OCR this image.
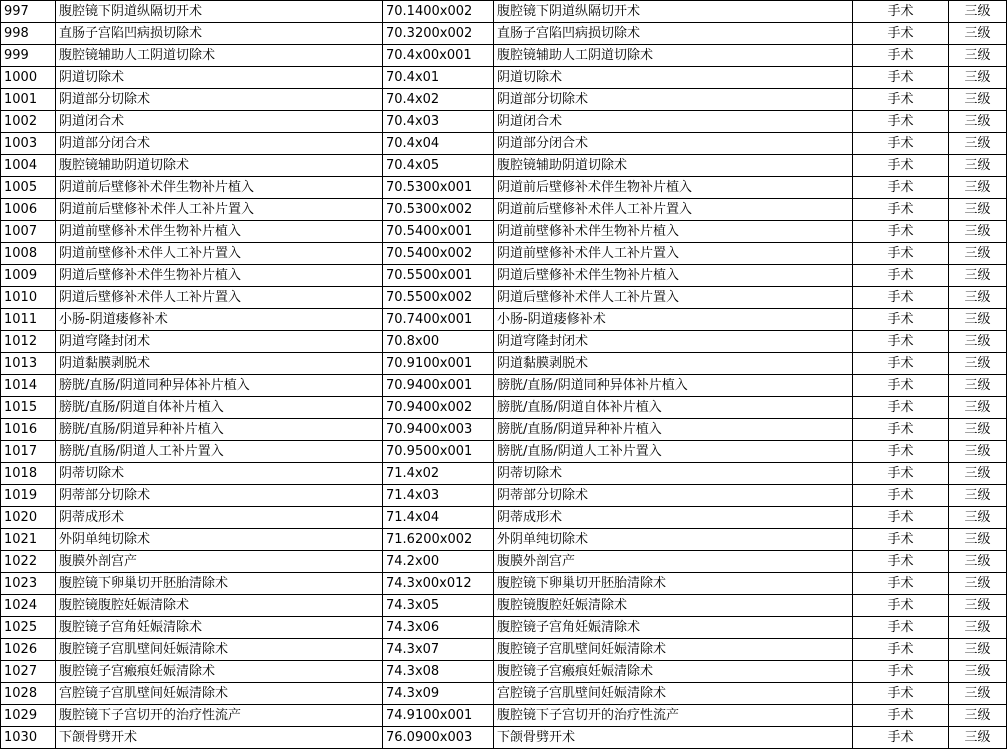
997	腹腔镜下阴道纵隔切开术	70.1400x002	腹腔镜下阴道纵隔切开术	手术	三级
998	直肠子宫陷凹病损切除术	70.3200x002	直肠子宫陷凹病损切除术	手术	三级
999	腹腔镜辅助人工阴道切除术	70.4x00x001	腹腔镜辅助人工阴道切除术	手术	三级
1000	阴道切除术	70.4x01	阴道切除术	手术	三级
1001	阴道部分切除术	70.4x02	阴道部分切除术	手术	三级
1002	阴道闭合术	70.4x03	阴道闭合术	手术	三级
1003	阴道部分闭合术	70.4x04	阴道部分闭合术	手术	三级
1004	腹腔镜辅助阴道切除术	70.4x05	腹腔镜辅助阴道切除术	手术	三级
1005	阴道前后壁修补术伴生物补片植入	70.5300x001	阴道前后壁修补术伴生物补片植入	手术	三级
1006	阴道前后壁修补术伴人工补片置入	70.5300x002	阴道前后壁修补术伴人工补片置入	手术	三级
1007	阴道前壁修补术伴生物补片植入	70.5400x001	阴道前壁修补术伴生物补片植入	手术	三级
1008	阴道前壁修补术伴人工补片置入	70.5400x002	阴道前壁修补术伴人工补片置入	手术	三级
1009	阴道后壁修补术伴生物补片植入	70.5500x001	阴道后壁修补术伴生物补片植入	手术	三级
1010	阴道后壁修补术伴人工补片置入	70.5500x002	阴道后壁修补术伴人工补片置入	手术	三级
1011	小肠-阴道瘘修补术	70.7400x001	小肠-阴道瘘修补术	手术	三级
1012	阴道穹隆封闭术	70.8x00	阴道穹隆封闭术	手术	三级
1013	阴道黏膜剥脱术	70.9100x001	阴道黏膜剥脱术	手术	三级
1014	膀胱/直肠/阴道同种异体补片植入	70.9400x001	膀胱/直肠/阴道同种异体补片植入	手术	三级
1015	膀胱/直肠/阴道自体补片植入	70.9400x002	膀胱/直肠/阴道自体补片植入	手术	三级
1016	膀胱/直肠/阴道异种补片植入	70.9400x003	膀胱/直肠/阴道异种补片植入	手术	三级
1017	膀胱/直肠/阴道人工补片置入	70.9500x001	膀胱/直肠/阴道人工补片置入	手术	三级
1018	阴蒂切除术	71.4x02	阴蒂切除术	手术	三级
1019	阴蒂部分切除术	71.4x03	阴蒂部分切除术	手术	三级
1020	阴蒂成形术	71.4x04	阴蒂成形术	手术	三级
1021	外阴单纯切除术	71.6200x002	外阴单纯切除术	手术	三级
1022	腹膜外剖宫产	74.2x00	腹膜外剖宫产	手术	三级
1023	腹腔镜下卵巢切开胚胎清除术	74.3x00x012	腹腔镜下卵巢切开胚胎清除术	手术	三级
1024	腹腔镜腹腔妊娠清除术	74.3x05	腹腔镜腹腔妊娠清除术	手术	三级
1025	腹腔镜子宫角妊娠清除术	74.3x06	腹腔镜子宫角妊娠清除术	手术	三级
1026	腹腔镜子宫肌壁间妊娠清除术	74.3x07	腹腔镜子宫肌壁间妊娠清除术	手术	三级
1027	腹腔镜子宫瘢痕妊娠清除术	74.3x08	腹腔镜子宫瘢痕妊娠清除术	手术	三级
1028	宫腔镜子宫肌壁间妊娠清除术	74.3x09	宫腔镜子宫肌壁间妊娠清除术	手术	三级
1029	腹腔镜下子宫切开的治疗性流产	74.9100x001	腹腔镜下子宫切开的治疗性流产	手术	三级
1030	下颌骨劈开术	76.0900x003	下颌骨劈开术	手术	三级
